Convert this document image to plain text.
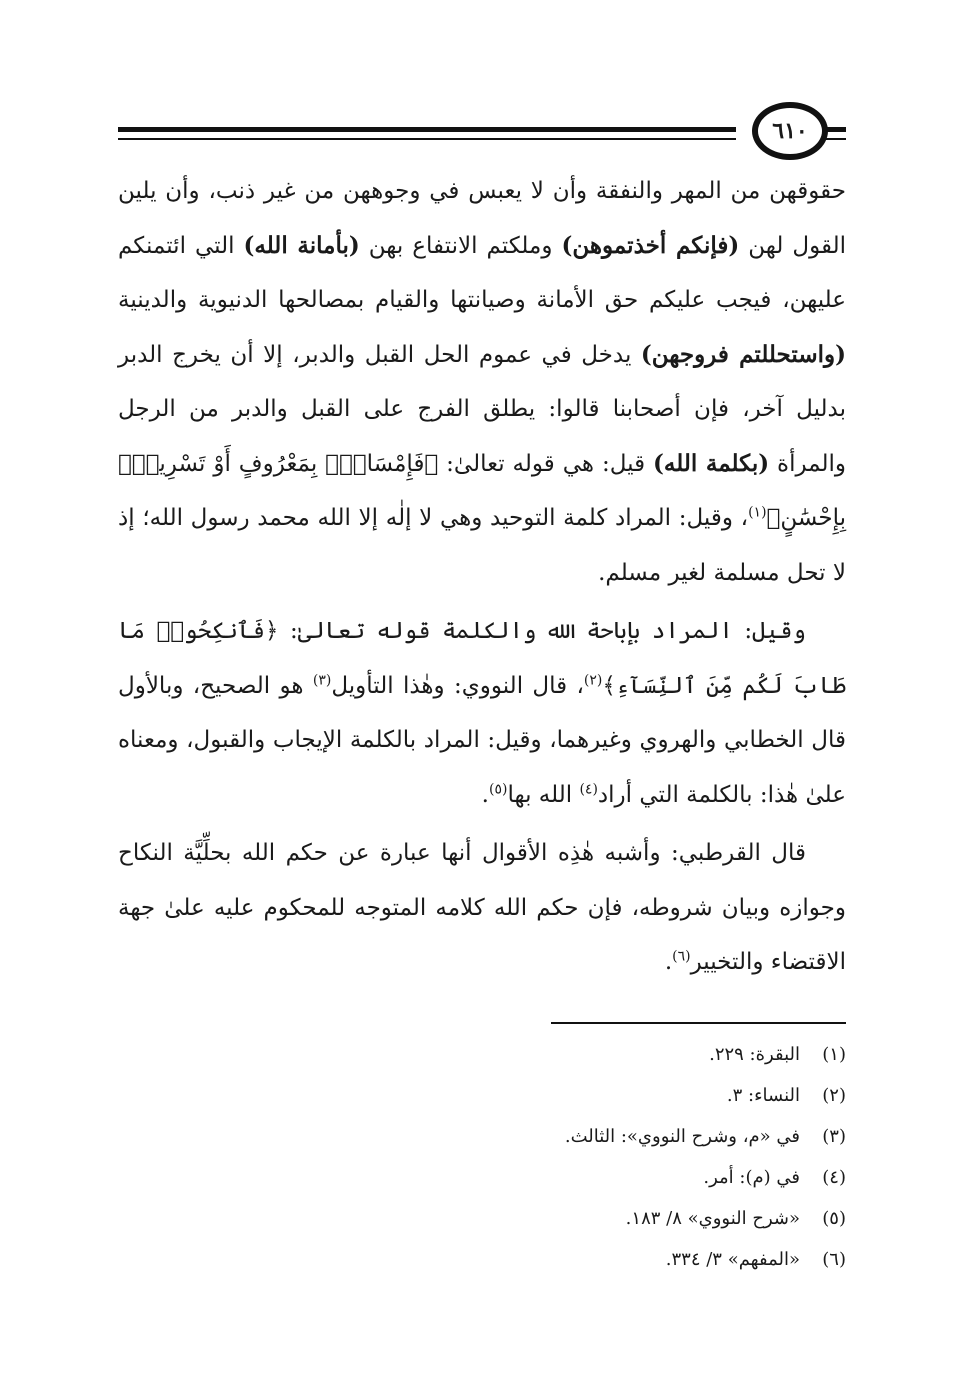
٦١٠

حقوقهن من المهر والنفقة وأن لا يعبس في وجوههن من غير ذنب، وأن يلين القول لهن (فإنكم أخذتموهن) وملكتم الانتفاع بهن (بأمانة الله) التي ائتمنكم عليهن، فيجب عليكم حق الأمانة وصيانتها والقيام بمصالحها الدنيوية والدينية (واستحللتم فروجهن) يدخل في عموم الحل القبل والدبر، إلا أن يخرج الدبر بدليل آخر، فإن أصحابنا قالوا: يطلق الفرج على القبل والدبر من الرجل والمرأة (بكلمة الله) قيل: هي قوله تعالىٰ: ﴿فَإِمْسَاكٌۢ بِمَعْرُوفٍ أَوْ تَسْرِيحٌۢ بِإِحْسَٰنٍ﴾$^{(١)}$، وقيل: المراد كلمة التوحيد وهي لا إلٰه إلا الله محمد رسول الله؛ إذ لا تحل مسلمة لغير مسلم.

وقيل: المراد بإباحة الله والكلمة قوله تعالىٰ: ﴿فَٱنكِحُوا۟ مَا طَابَ لَكُم مِّنَ ٱلنِّسَآءِ﴾$^{(٢)}$، قال النووي: وهٰذا التأويل$^{(٣)}$ هو الصحيح، وبالأول قال الخطابي والهروي وغيرهما، وقيل: المراد بالكلمة الإيجاب والقبول، ومعناه علىٰ هٰذا: بالكلمة التي أراد$^{(٤)}$ الله بها$^{(٥)}$.

قال القرطبي: وأشبه هٰذِه الأقوال أنها عبارة عن حكم الله بحلِّيَّة النكاح وجوازه وبيان شروطه، فإن حكم الله كلامه المتوجه للمحكوم عليه علىٰ جهة الاقتضاء والتخيير$^{(٦)}$.

(١)البقرة: ٢٢٩.
(٢)النساء: ٣.
(٣)في «م، وشرح النووي»: الثالث.
(٤)في (م): أمر.
(٥)«شرح النووي» ٨/ ١٨٣.
(٦)«المفهم» ٣/ ٣٣٤.
